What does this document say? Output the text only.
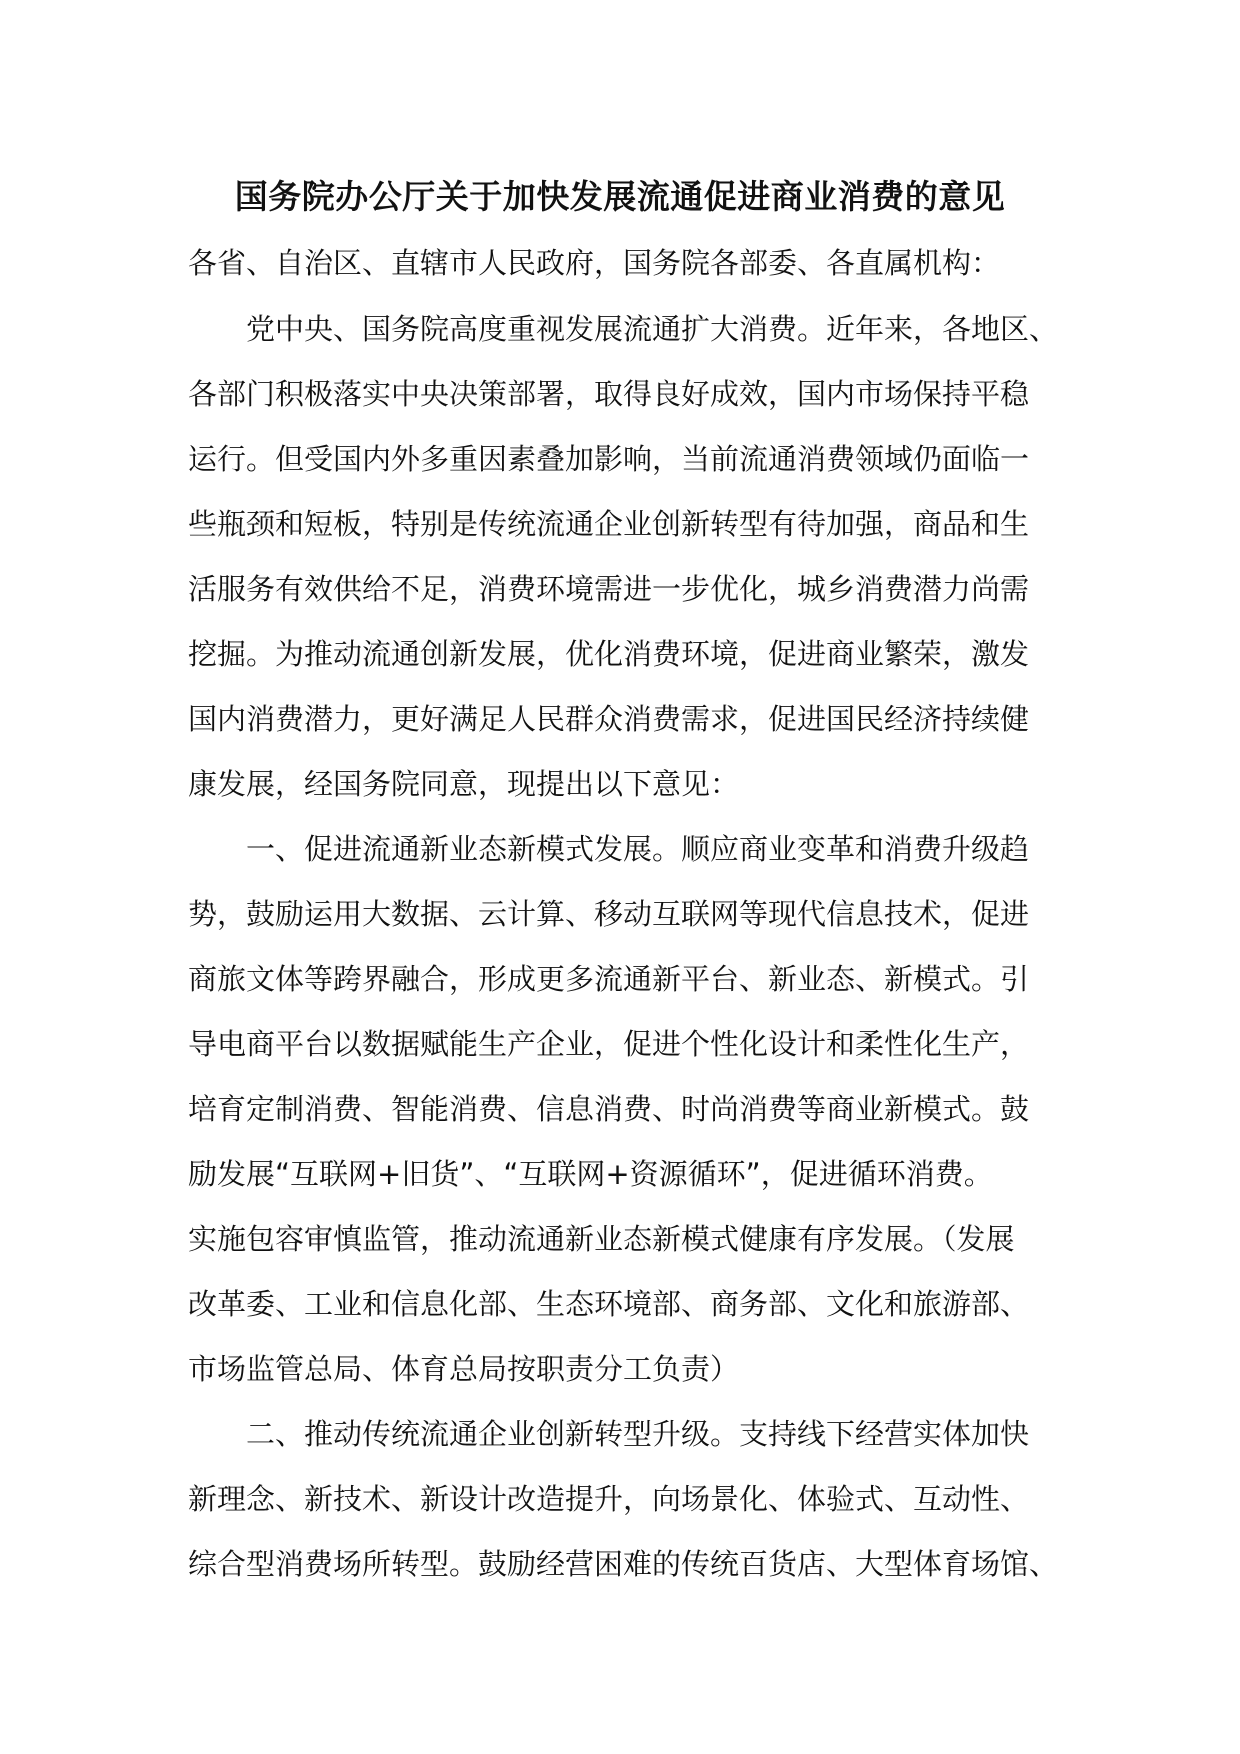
国务院办公厅关于加快发展流通促进商业消费的意见
各省、自治区、直辖市人民政府，国务院各部委、各直属机构：
党中央、国务院高度重视发展流通扩大消费。近年来，各地区、
各部门积极落实中央决策部署，取得良好成效，国内市场保持平稳
运行。但受国内外多重因素叠加影响，当前流通消费领域仍面临一
些瓶颈和短板，特别是传统流通企业创新转型有待加强，商品和生
活服务有效供给不足，消费环境需进一步优化，城乡消费潜力尚需
挖掘。为推动流通创新发展，优化消费环境，促进商业繁荣，激发
国内消费潜力，更好满足人民群众消费需求，促进国民经济持续健
康发展，经国务院同意，现提出以下意见：
一、促进流通新业态新模式发展。顺应商业变革和消费升级趋
势，鼓励运用大数据、云计算、移动互联网等现代信息技术，促进
商旅文体等跨界融合，形成更多流通新平台、新业态、新模式。引
导电商平台以数据赋能生产企业，促进个性化设计和柔性化生产，
培育定制消费、智能消费、信息消费、时尚消费等商业新模式。鼓
励发展“互联网+旧货”、“互联网+资源循环”，促进循环消费。
实施包容审慎监管，推动流通新业态新模式健康有序发展。（发展
改革委、工业和信息化部、生态环境部、商务部、文化和旅游部、
市场监管总局、体育总局按职责分工负责）
二、推动传统流通企业创新转型升级。支持线下经营实体加快
新理念、新技术、新设计改造提升，向场景化、体验式、互动性、
综合型消费场所转型。鼓励经营困难的传统百货店、大型体育场馆、
